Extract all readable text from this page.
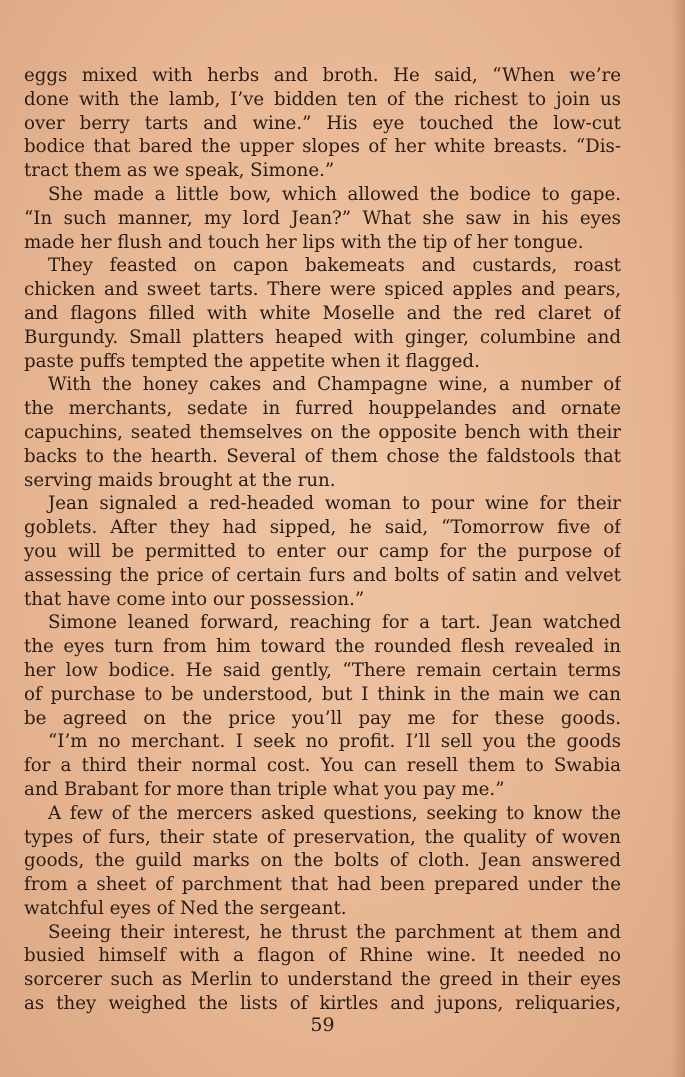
eggs mixed with herbs and broth. He said, “When we’re
done with the lamb, I’ve bidden ten of the richest to join us
over berry tarts and wine.” His eye touched the low-cut
bodice that bared the upper slopes of her white breasts. “Dis-
tract them as we speak, Simone.”
She made a little bow, which allowed the bodice to gape.
“In such manner, my lord Jean?” What she saw in his eyes
made her flush and touch her lips with the tip of her tongue.
They feasted on capon bakemeats and custards, roast
chicken and sweet tarts. There were spiced apples and pears,
and flagons filled with white Moselle and the red claret of
Burgundy. Small platters heaped with ginger, columbine and
paste puffs tempted the appetite when it flagged.
With the honey cakes and Champagne wine, a number of
the merchants, sedate in furred houppelandes and ornate
capuchins, seated themselves on the opposite bench with their
backs to the hearth. Several of them chose the faldstools that
serving maids brought at the run.
Jean signaled a red-headed woman to pour wine for their
goblets. After they had sipped, he said, “Tomorrow five of
you will be permitted to enter our camp for the purpose of
assessing the price of certain furs and bolts of satin and velvet
that have come into our possession.”
Simone leaned forward, reaching for a tart. Jean watched
the eyes turn from him toward the rounded flesh revealed in
her low bodice. He said gently, “There remain certain terms
of purchase to be understood, but I think in the main we can
be agreed on the price you’ll pay me for these goods.
“I’m no merchant. I seek no profit. I’ll sell you the goods
for a third their normal cost. You can resell them to Swabia
and Brabant for more than triple what you pay me.”
A few of the mercers asked questions, seeking to know the
types of furs, their state of preservation, the quality of woven
goods, the guild marks on the bolts of cloth. Jean answered
from a sheet of parchment that had been prepared under the
watchful eyes of Ned the sergeant.
Seeing their interest, he thrust the parchment at them and
busied himself with a flagon of Rhine wine. It needed no
sorcerer such as Merlin to understand the greed in their eyes
as they weighed the lists of kirtles and jupons, reliquaries,
59
